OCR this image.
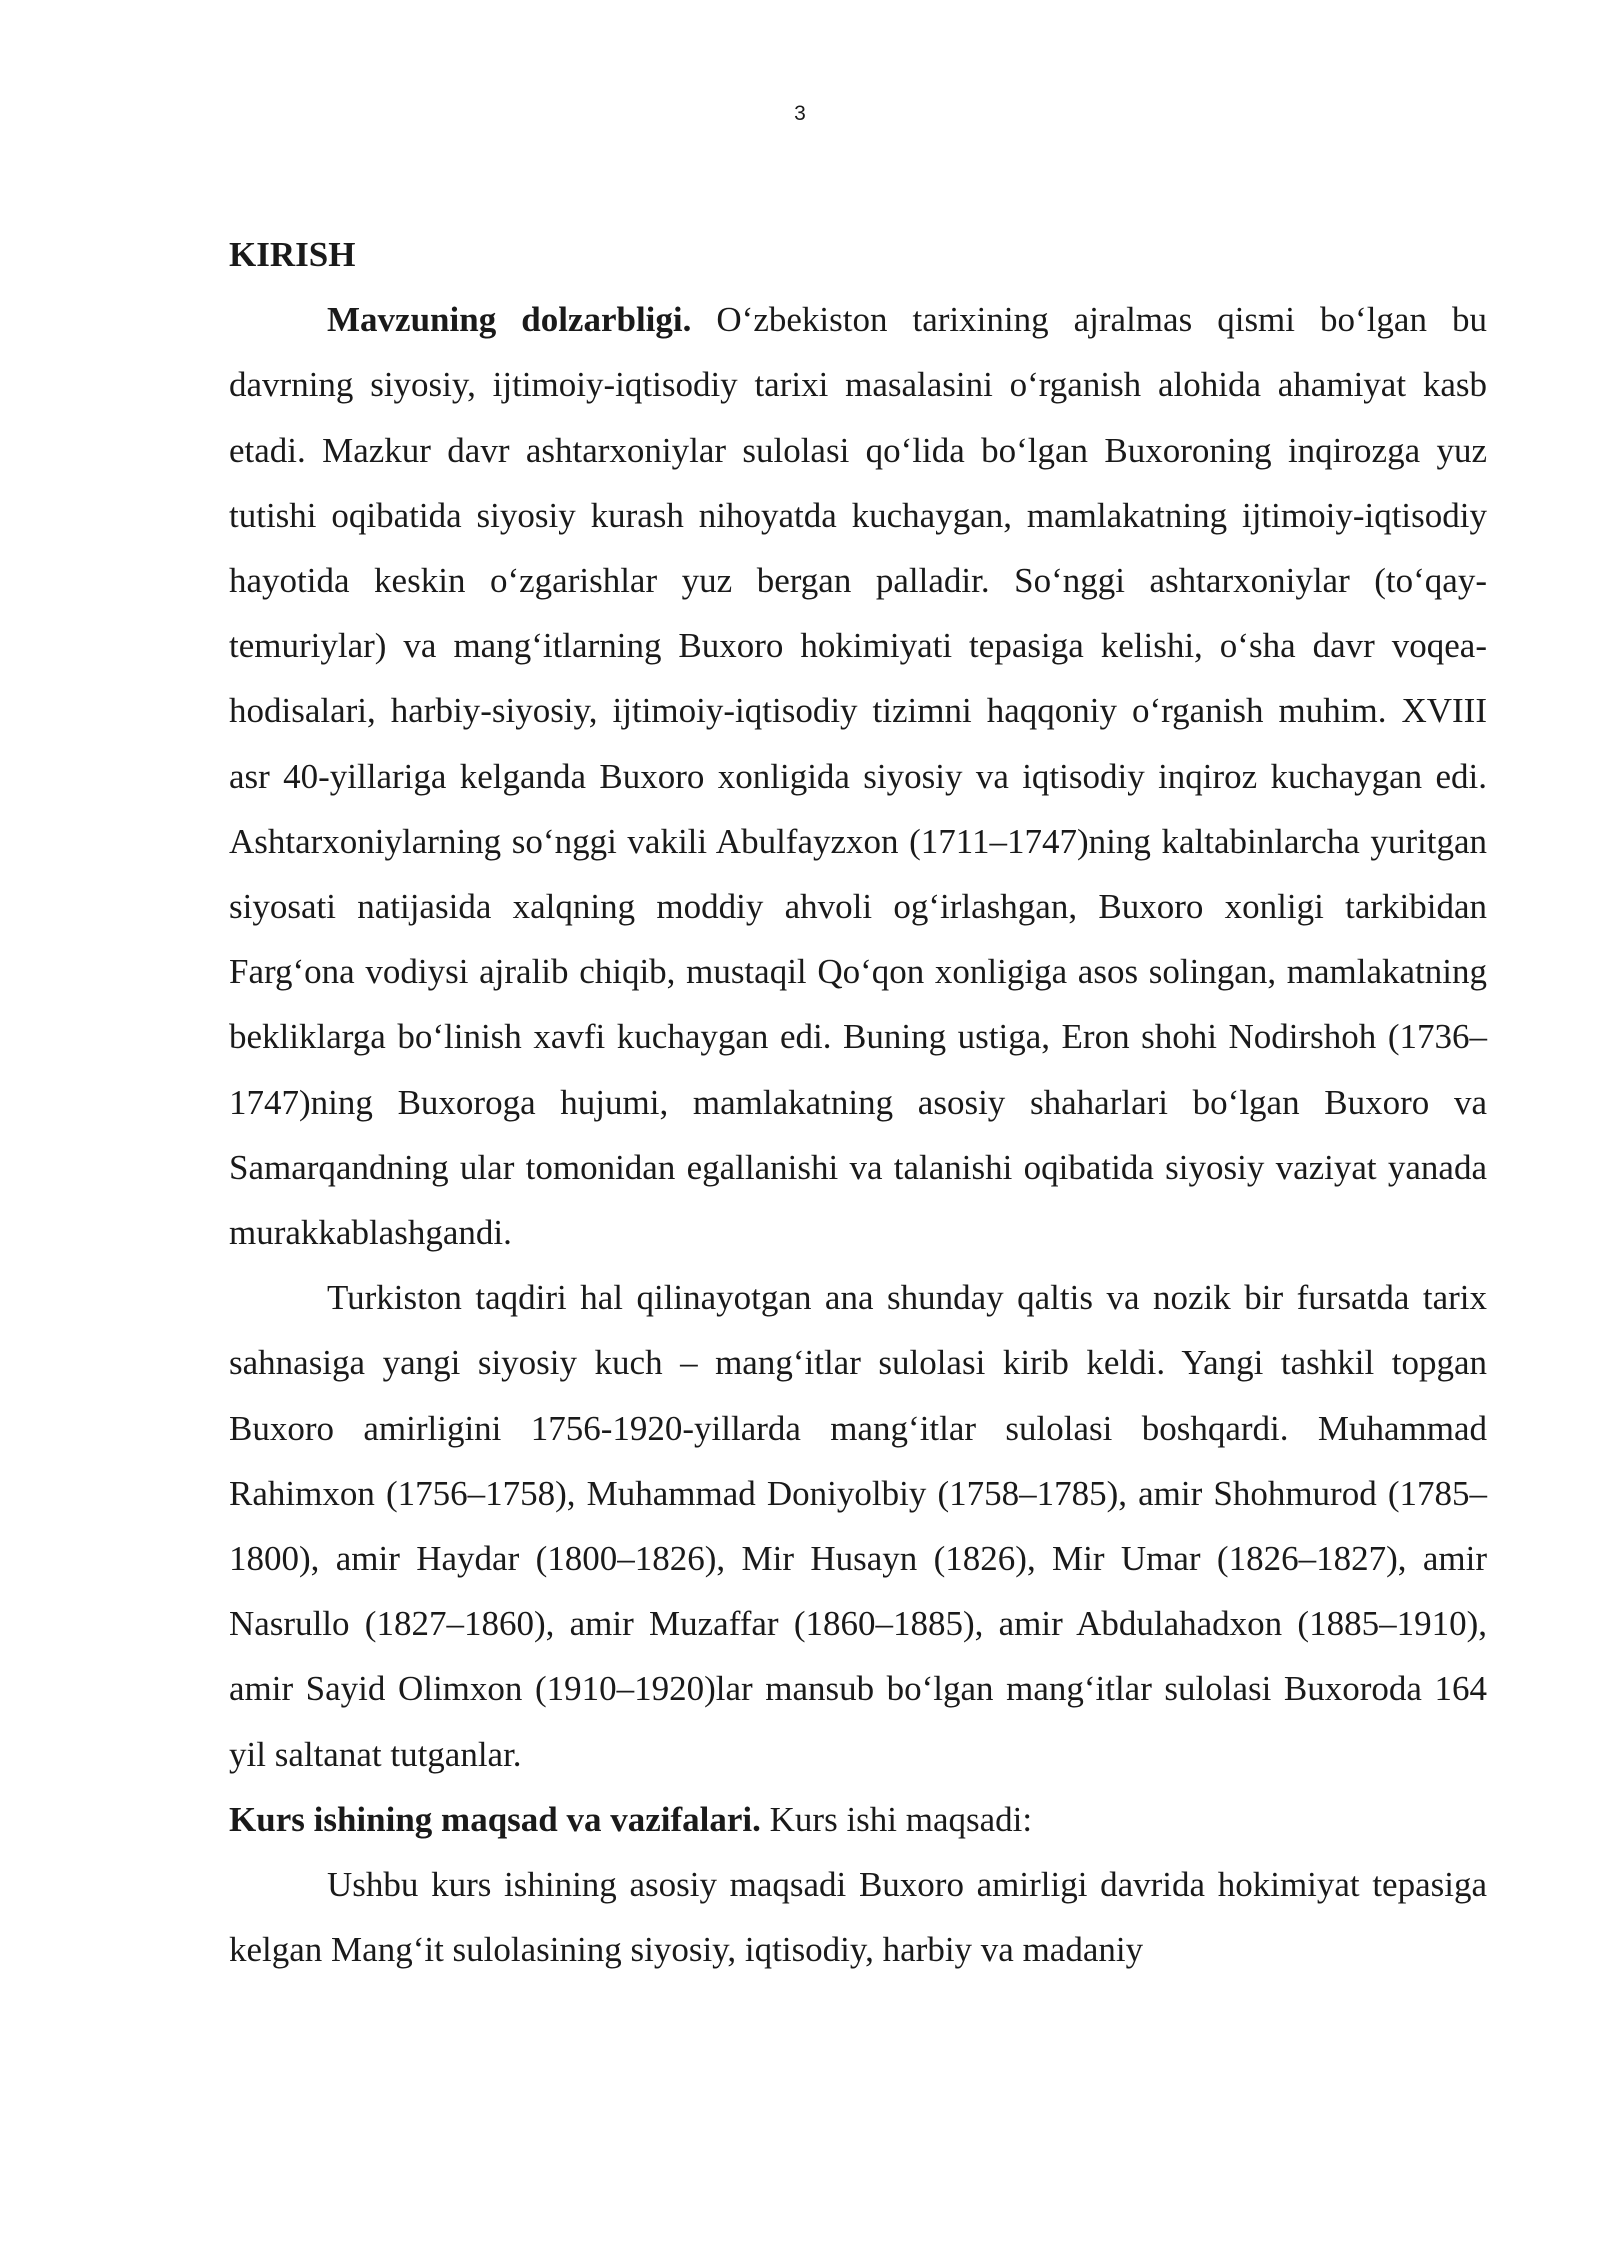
3
KIRISH

Mavzuning dolzarbligi. O‘zbekiston tarixining ajralmas qismi bo‘lgan bu davrning siyosiy, ijtimoiy-iqtisodiy tarixi masalasini o‘rganish alohida ahamiyat kasb etadi. Mazkur davr ashtarxoniylar sulolasi qo‘lida bo‘lgan Buxoroning inqirozga yuz tutishi oqibatida siyosiy kurash nihoyatda kuchaygan, mamlakatning ijtimoiy-iqtisodiy hayotida keskin o‘zgarishlar yuz bergan palladir. So‘nggi ashtarxoniylar (to‘qay-temuriylar) va mang‘itlarning Buxoro hokimiyati tepasiga kelishi, o‘sha davr voqea-hodisalari, harbiy-siyosiy, ijtimoiy-iqtisodiy tizimni haqqoniy o‘rganish muhim. XVIII asr 40-yillariga kelganda Buxoro xonligida siyosiy va iqtisodiy inqiroz kuchaygan edi. Ashtarxoniylarning so‘nggi vakili Abulfayzxon (1711–1747)ning kaltabinlarcha yuritgan siyosati natijasida xalqning moddiy ahvoli og‘irlashgan, Buxoro xonligi tarkibidan Farg‘ona vodiysi ajralib chiqib, mustaqil Qo‘qon xonligiga asos solingan, mamlakatning bekliklarga bo‘linish xavfi kuchaygan edi. Buning ustiga, Eron shohi Nodirshoh (1736–1747)ning Buxoroga hujumi, mamlakatning asosiy shaharlari bo‘lgan Buxoro va Samarqandning ular tomonidan egallanishi va talanishi oqibatida siyosiy vaziyat yanada murakkablashgandi.

Turkiston taqdiri hal qilinayotgan ana shunday qaltis va nozik bir fursatda tarix sahnasiga yangi siyosiy kuch – mang‘itlar sulolasi kirib keldi. Yangi tashkil topgan Buxoro amirligini 1756-1920-yillarda mang‘itlar sulolasi boshqardi. Muhammad Rahimxon (1756–1758), Muhammad Doniyolbiy (1758–1785), amir Shohmurod (1785–1800), amir Haydar (1800–1826), Mir Husayn (1826), Mir Umar (1826–1827), amir Nasrullo (1827–1860), amir Muzaffar (1860–1885), amir Abdulahadxon (1885–1910), amir Sayid Olimxon (1910–1920)lar mansub bo‘lgan mang‘itlar sulolasi Buxoroda 164 yil saltanat tutganlar.

Kurs ishining maqsad va vazifalari. Kurs ishi maqsadi:

Ushbu kurs ishining asosiy maqsadi Buxoro amirligi davrida hokimiyat tepasiga kelgan Mang‘it sulolasining siyosiy, iqtisodiy, harbiy va madaniy
